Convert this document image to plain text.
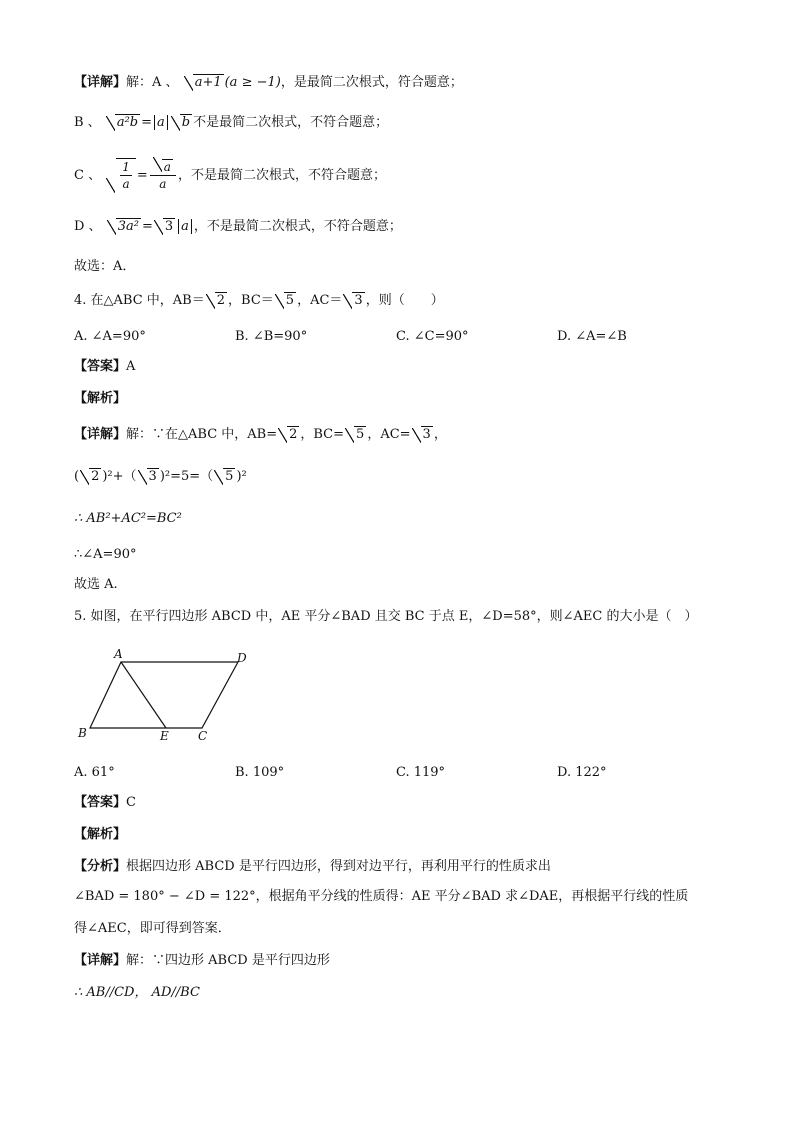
【详解】解：A 、 a+1 (a ≥ −1)，是最简二次根式，符合题意；
B 、 a²b = a b 不是最简二次根式，不符合题意；
C 、 $\frac{1}{a} = \frac{a}{a}$ ，不是最简二次根式，不符合题意；
D 、 3a² = 3 a ，不是最简二次根式，不符合题意；
故选：A．
4. 在△ABC 中，AB＝ 2 ，BC＝ 5 ，AC＝ 3 ，则（　　）
A. ∠A=90°	B. ∠B=90°	C. ∠C=90°	D. ∠A=∠B
【答案】A
【解析】
【详解】解：∵在△ABC 中，AB= 2 ，BC= 5 ，AC= 3 ，
( 2 )²+（ 3 )²=5=（ 5 )²
∴ AB²+AC²=BC²
∴∠A=90°
故选 A.
5. 如图，在平行四边形 ABCD 中，AE 平分∠BAD 且交 BC 于点 E，∠D=58°，则∠AEC 的大小是（　）
A	D
B	E C
A. 61°	B. 109°	C. 119°	D. 122°
【答案】C
【解析】
【分析】根据四边形 ABCD 是平行四边形，得到对边平行，再利用平行的性质求出
∠BAD = 180° − ∠D = 122°，根据角平分线的性质得：AE 平分∠BAD 求∠DAE，再根据平行线的性质
得∠AEC，即可得到答案．
【详解】解：∵四边形 ABCD 是平行四边形
∴ AB//CD， AD//BC
